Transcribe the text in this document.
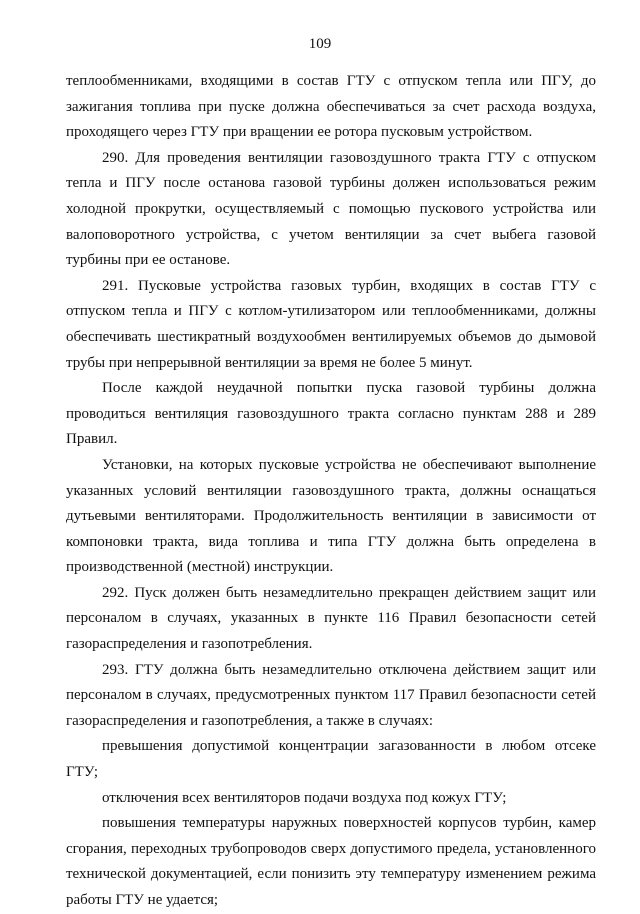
109

теплообменниками, входящими в состав ГТУ с отпуском тепла или ПГУ, до зажигания топлива при пуске должна обеспечиваться за счет расхода воздуха, проходящего через ГТУ при вращении ее ротора пусковым устройством.

290. Для проведения вентиляции газовоздушного тракта ГТУ с отпуском тепла и ПГУ после останова газовой турбины должен использоваться режим холодной прокрутки, осуществляемый с помощью пускового устройства или валоповоротного устройства, с учетом вентиляции за счет выбега газовой турбины при ее останове.

291. Пусковые устройства газовых турбин, входящих в состав ГТУ с отпуском тепла и ПГУ с котлом-утилизатором или теплообменниками, должны обеспечивать шестикратный воздухообмен вентилируемых объемов до дымовой трубы при непрерывной вентиляции за время не более 5 минут.

После каждой неудачной попытки пуска газовой турбины должна проводиться вентиляция газовоздушного тракта согласно пунктам 288 и 289 Правил.

Установки, на которых пусковые устройства не обеспечивают выполнение указанных условий вентиляции газовоздушного тракта, должны оснащаться дутьевыми вентиляторами. Продолжительность вентиляции в зависимости от компоновки тракта, вида топлива и типа ГТУ должна быть определена в производственной (местной) инструкции.

292. Пуск должен быть незамедлительно прекращен действием защит или персоналом в случаях, указанных в пункте 116 Правил безопасности сетей газораспределения и газопотребления.

293. ГТУ должна быть незамедлительно отключена действием защит или персоналом в случаях, предусмотренных пунктом 117 Правил безопасности сетей газораспределения и газопотребления, а также в случаях:

превышения допустимой концентрации загазованности в любом отсеке ГТУ;

отключения всех вентиляторов подачи воздуха под кожух ГТУ;

повышения температуры наружных поверхностей корпусов турбин, камер сгорания, переходных трубопроводов сверх допустимого предела, установленного технической документацией, если понизить эту температуру изменением режима работы ГТУ не удается;
